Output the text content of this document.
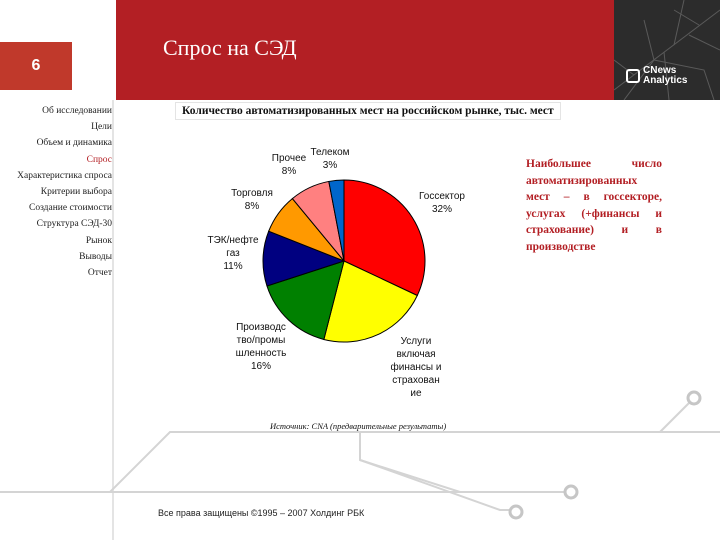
6
Спрос на СЭД
CNews
Analytics
Об исследовании
Цели
Объем и динамика
Спрос
Характеристика спроса
Критерии выбора
Создание стоимости
Структура СЭД-30
Рынок
Выводы
Отчет
Количество автоматизированных мест на российском рынке, тыс. мест
Госсектор 32%
Услуги включая финансы и страхован ие
Производс тво/промы шленность 16%
ТЭК/нефте газ 11%
Торговля 8%
Прочее 8%
Телеком 3%	Наибольшее число автоматизированных мест – в госсекторе, услугах (+финансы и страхование) и в производстве
Источник: CNA (предварительные результаты)
Все права защищены ©1995 – 2007 Холдинг РБК
